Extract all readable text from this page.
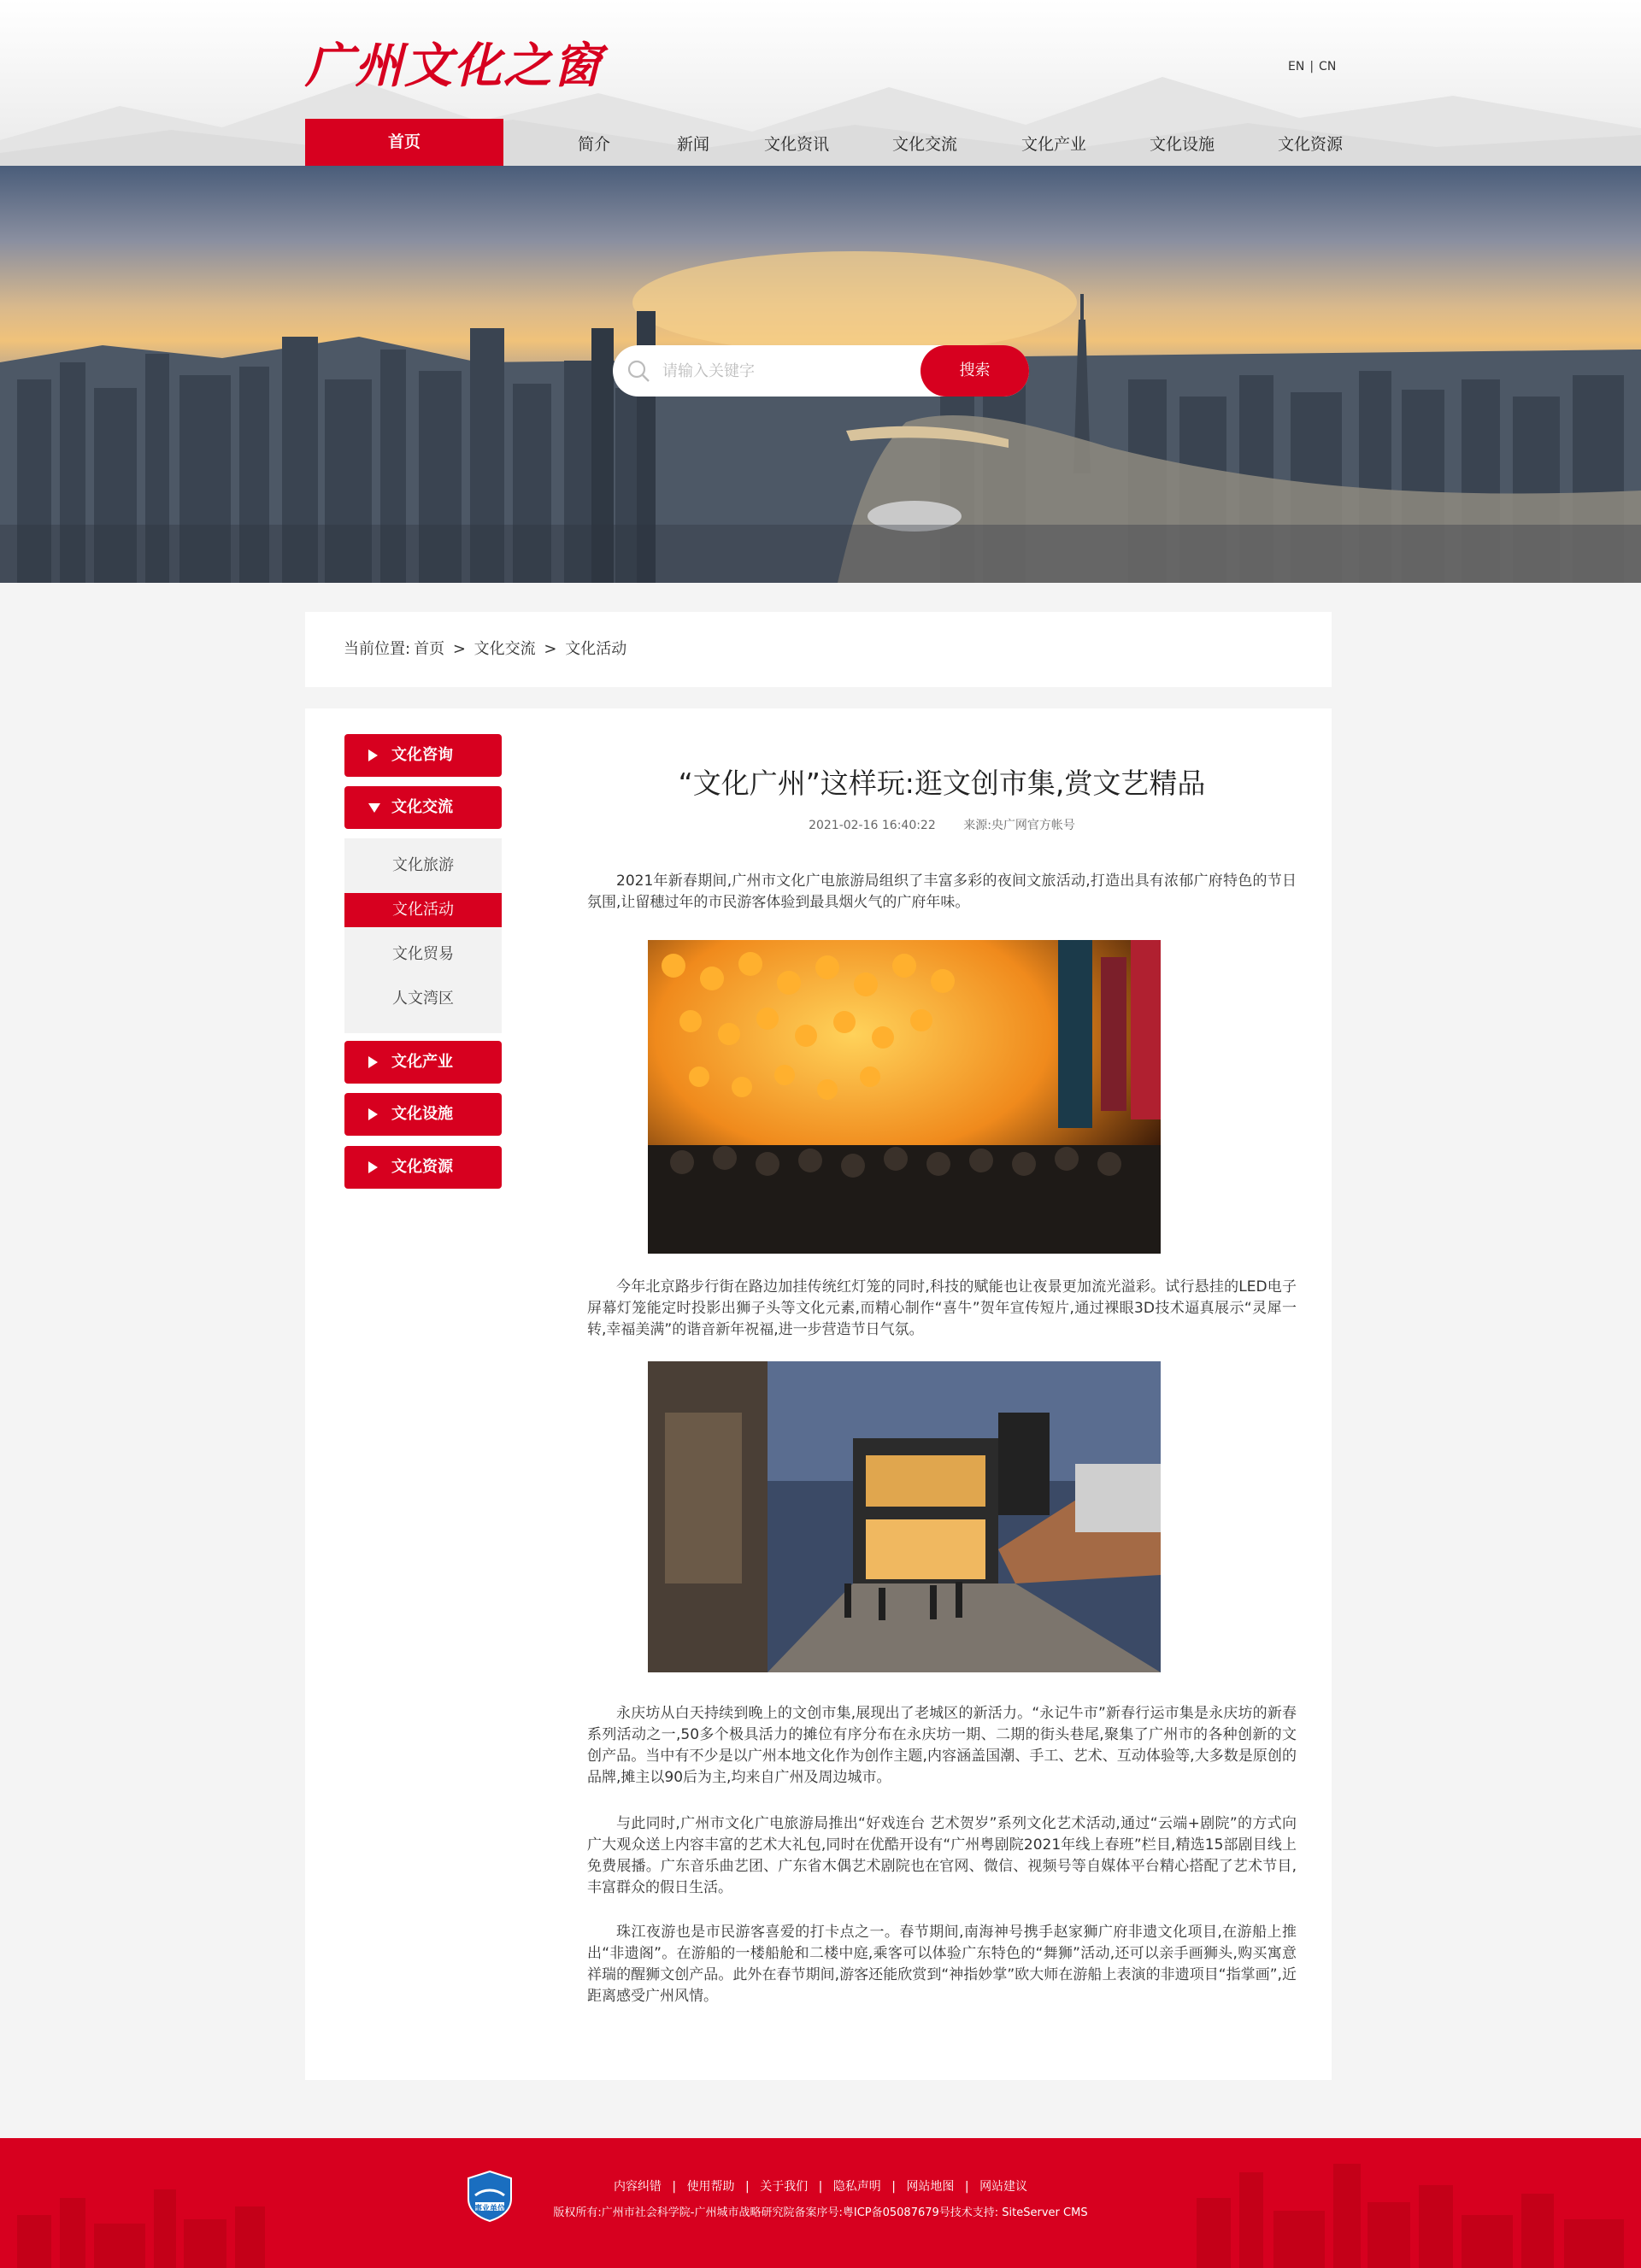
广州文化之窗	EN | CN
首页	简介	新闻	文化资讯	文化交流	文化产业	文化设施	文化资源
请输入关键字
搜索
当前位置: 首页 > 文化交流 > 文化活动
文化咨询
文化交流
文化旅游
文化活动
文化贸易
人文湾区
文化产业
文化设施
文化资源
“文化广州”这样玩:逛文创市集,赏文艺精品
2021-02-16 16:40:22 来源:央广网官方帐号

2021年新春期间,广州市文化广电旅游局组织了丰富多彩的夜间文旅活动,打造出具有浓郁广府特色的节日氛围,让留穗过年的市民游客体验到最具烟火气的广府年味。

今年北京路步行街在路边加挂传统红灯笼的同时,科技的赋能也让夜景更加流光溢彩。试行悬挂的LED电子屏幕灯笼能定时投影出狮子头等文化元素,而精心制作“喜牛”贺年宣传短片,通过裸眼3D技术逼真展示“灵犀一转,幸福美满”的谐音新年祝福,进一步营造节日气氛。

永庆坊从白天持续到晚上的文创市集,展现出了老城区的新活力。“永记牛市”新春行运市集是永庆坊的新春系列活动之一,50多个极具活力的摊位有序分布在永庆坊一期、二期的街头巷尾,聚集了广州市的各种创新的文创产品。当中有不少是以广州本地文化作为创作主题,内容涵盖国潮、手工、艺术、互动体验等,大多数是原创的品牌,摊主以90后为主,均来自广州及周边城市。

与此同时,广州市文化广电旅游局推出“好戏连台 艺术贺岁”系列文化艺术活动,通过“云端+剧院”的方式向广大观众送上内容丰富的艺术大礼包,同时在优酷开设有“广州粤剧院2021年线上春班”栏目,精选15部剧目线上免费展播。广东音乐曲艺团、广东省木偶艺术剧院也在官网、微信、视频号等自媒体平台精心搭配了艺术节目,丰富群众的假日生活。

珠江夜游也是市民游客喜爱的打卡点之一。春节期间,南海神号携手赵家狮广府非遗文化项目,在游船上推出“非遗阁”。在游船的一楼船舱和二楼中庭,乘客可以体验广东特色的“舞狮”活动,还可以亲手画狮头,购买寓意祥瑞的醒狮文创产品。此外在春节期间,游客还能欣赏到“神指妙掌”欧大师在游船上表演的非遗项目“指掌画”,近距离感受广州风情。

事业单位
内容纠错 | 使用帮助 | 关于我们 | 隐私声明 | 网站地图 | 网站建议
版权所有:广州市社会科学院-广州城市战略研究院备案序号:粤ICP备05087679号技术支持: SiteServer CMS
